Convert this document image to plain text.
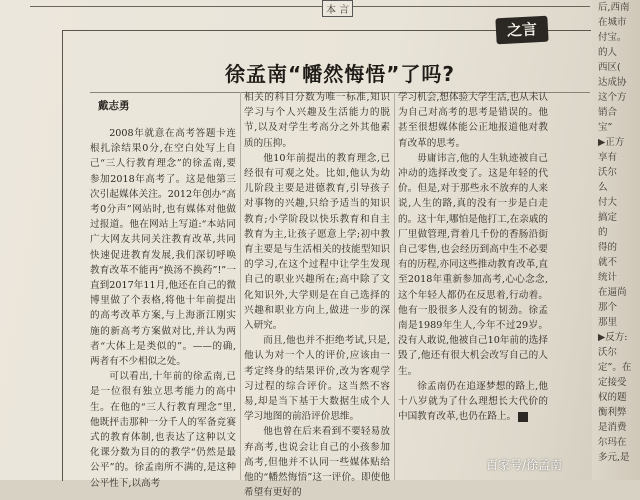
本 言
之言
徐孟南“幡然悔悟”了吗?
戴志勇

2008年就意在高考答题卡连根扎涂结果0分,在空白处写上自己“三人行教育理念”的徐孟南,要参加2018年高考了。这是他第三次引起媒体关注。2012年创办“高考0分声”网站时,也有媒体对他做过报道。他在网站上写道:“本站同广大网友共同关注教育改革,共同快速促进教育发展,我们深切呼唤教育改革不能再“换汤不换药”!”一直到2017年11月,他还在自己的微博里做了个表格,将他十年前提出的高考改革方案,与上海浙江刚实施的新高考方案做对比,并认为两者“大体上是类似的”。——的确,两者有不少相似之处。

可以看出,十年前的徐孟南,已是一位很有独立思考能力的高中生。在他的“三人行教育理念”里,他既抨击那种一分千人的军备竞赛式的教育体制,也表达了这种以文化课分数为目的的教学“仍然是最公平”的。徐孟南所不满的,是这种公平性下,以高考

相关的科目分数为唯一标准,知识学习与个人兴趣及生活能力的脱节,以及对学生考高分之外其他素质的压抑。

他10年前提出的教育理念,已经很有可观之处。比如,他认为幼儿阶段主要是进德教育,引导孩子对事物的兴趣,只给予适当的知识教育;小学阶段以快乐教育和自主教育为主,让孩子愿意上学;初中教育主要是与生活相关的技能型知识的学习,在这个过程中让学生发现自己的职业兴趣所在;高中除了文化知识外,大学则是在自己选择的兴趣和职业方向上,做进一步的深入研究。

而且,他也并不拒绝考试,只是,他认为对一个人的评价,应该由一考定终身的结果评价,改为客观学习过程的综合评价。这当然不容易,却是当下基于大数据生成个人学习地图的前沿评价思维。

他也曾在后来看到不要轻易放弃高考,也说会让自己的小孩参加高考,但他并不认同一些媒体贴给他的“幡然悔悟”这一评价。即使他希望有更好的

学习机会,想体验大学生活,也从未认为自己对高考的思考是错误的。他甚至很想媒体能公正地报道他对教育改革的思考。

毋庸讳言,他的人生轨迹被自己冲动的选择改变了。这是年轻的代价。但是,对于那些永不放弃的人来说,人生的路,真的没有一步是白走的。这十年,哪怕是他打工,在亲戚的厂里做管理,背着几千份的香肠沿街自己零售,也会经历到高中生不必要有的历程,亦同这些推动教育改革,直至2018年重新参加高考,心心念念,这个年轻人都仍在反思着,行动着。他有一股很多人没有的韧劲。徐孟南是1989年生人,今年不过29岁。没有人敢说,他被自己10年前的选择毁了,他还有很大机会改写自己的人生。

徐孟南仍在追逐梦想的路上,他十八岁就为了什么理想长大代价的中国教育改革,也仍在路上。

后,西南
在城市
付宝。
的人
西区(
达成协
这个方
销合
宝”
▶正方
享有
沃尔
么
付大
搞定
的
得的
就不
统计
在逼尚
那个
那里
▶反方:
沃尔
定”。在
定接受
权的题
衡利弊
是消费
尔玛在
多元,是
百家号/徐孟南
